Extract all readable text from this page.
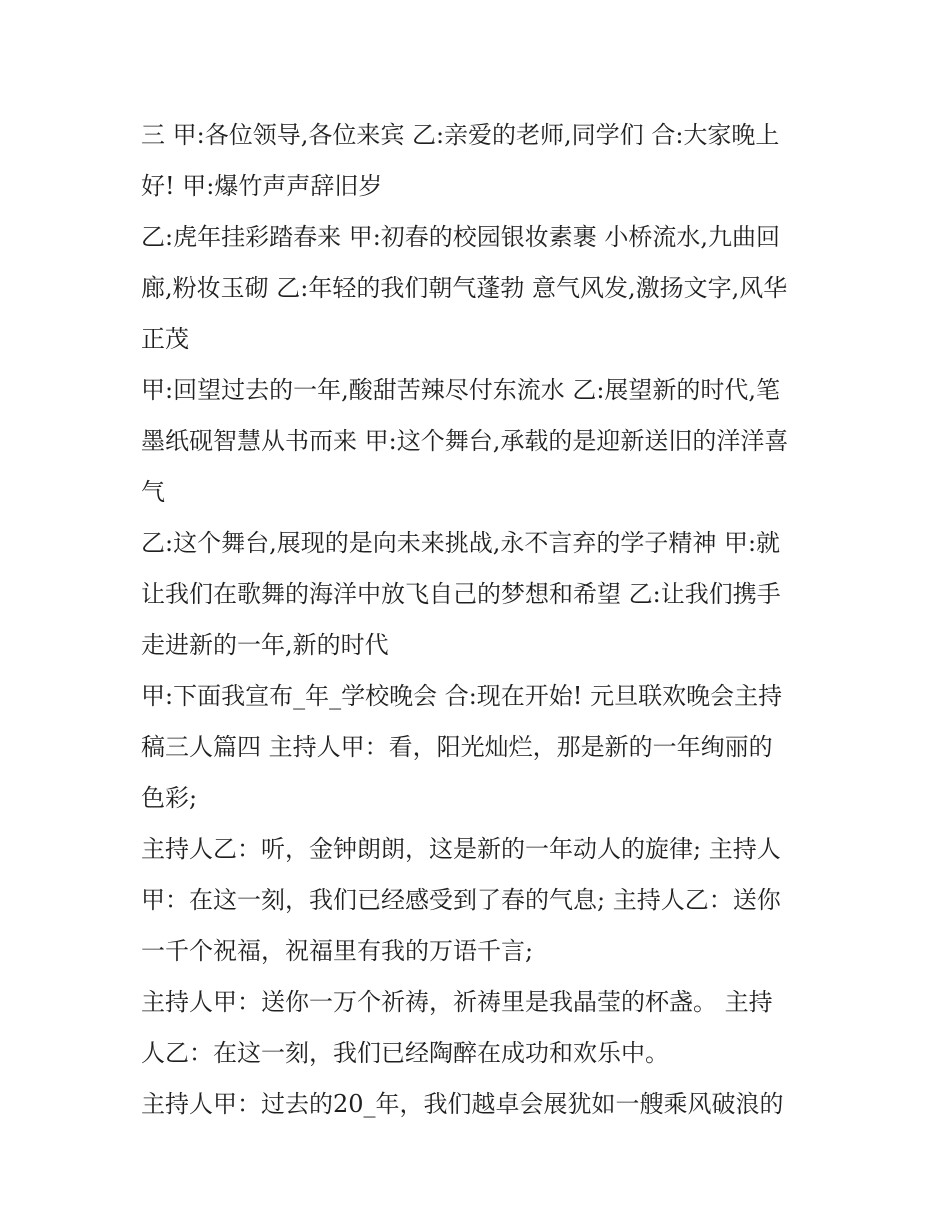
三 甲:各位领导,各位来宾 乙:亲爱的老师,同学们 合:大家晚上
好! 甲:爆竹声声辞旧岁
乙:虎年挂彩踏春来 甲:初春的校园银妆素裹 小桥流水,九曲回
廊,粉妆玉砌 乙:年轻的我们朝气蓬勃 意气风发,激扬文字,风华
正茂
甲:回望过去的一年,酸甜苦辣尽付东流水 乙:展望新的时代,笔
墨纸砚智慧从书而来 甲:这个舞台,承载的是迎新送旧的洋洋喜
气
乙:这个舞台,展现的是向未来挑战,永不言弃的学子精神 甲:就
让我们在歌舞的海洋中放飞自己的梦想和希望 乙:让我们携手
走进新的一年,新的时代
甲:下面我宣布_年_学校晚会 合:现在开始! 元旦联欢晚会主持
稿三人篇四 主持人甲：看，阳光灿烂，那是新的一年绚丽的
色彩;
主持人乙：听，金钟朗朗，这是新的一年动人的旋律; 主持人
甲：在这一刻，我们已经感受到了春的气息; 主持人乙：送你
一千个祝福，祝福里有我的万语千言;
主持人甲：送你一万个祈祷，祈祷里是我晶莹的杯盏。 主持
人乙：在这一刻，我们已经陶醉在成功和欢乐中。
主持人甲：过去的20_年，我们越卓会展犹如一艘乘风破浪的
